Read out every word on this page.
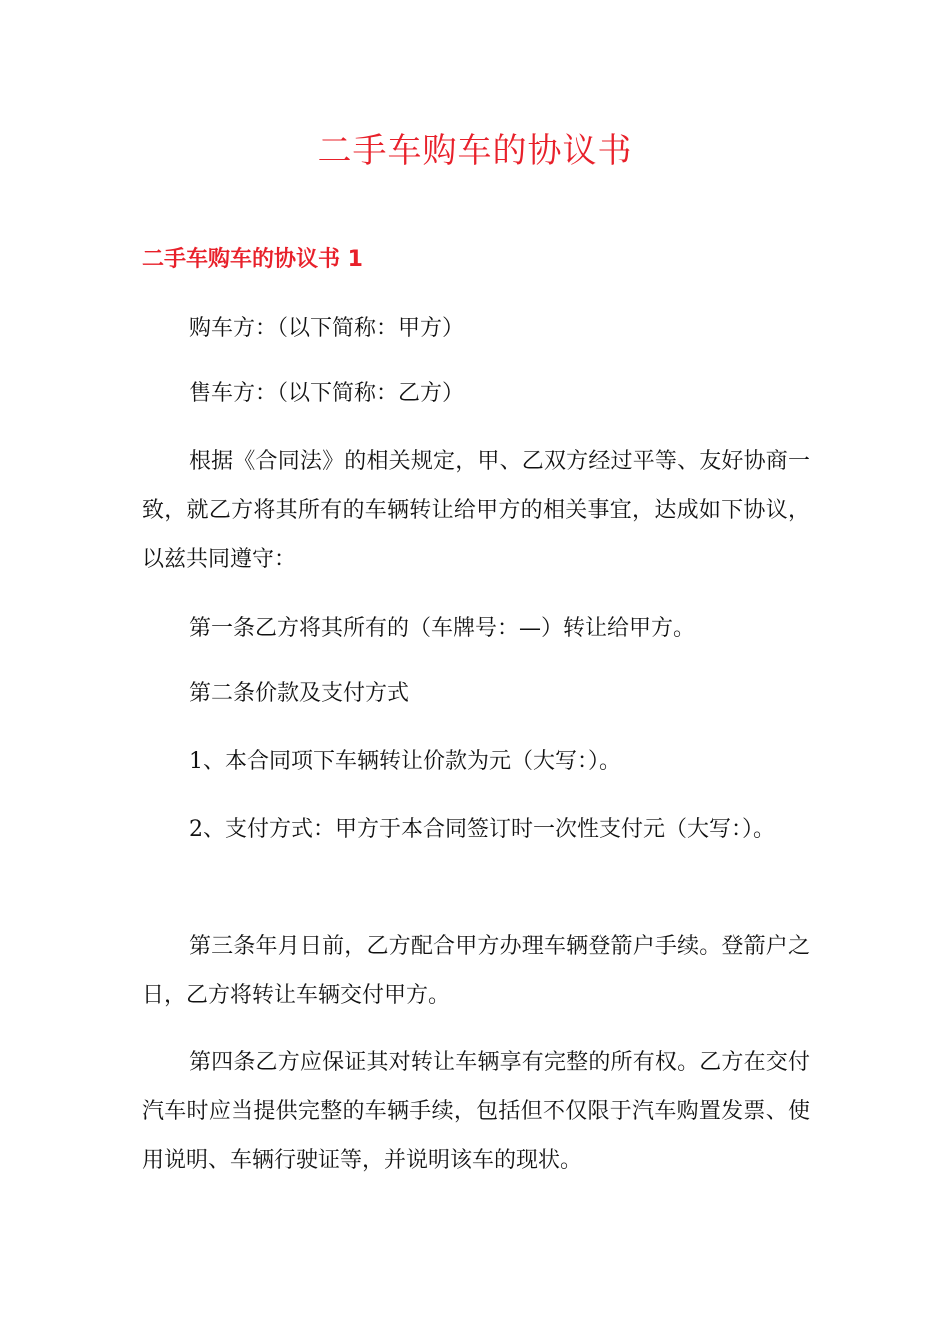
二手车购车的协议书
二手车购车的协议书 1

购车方：（以下简称：甲方）

售车方：（以下简称：乙方）

根据《合同法》的相关规定，甲、乙双方经过平等、友好协商一致，就乙方将其所有的车辆转让给甲方的相关事宜，达成如下协议，以兹共同遵守：

第一条乙方将其所有的（车牌号：—）转让给甲方。

第二条价款及支付方式

1、本合同项下车辆转让价款为元（大写：）。

2、支付方式：甲方于本合同签订时一次性支付元（大写：）。

第三条年月日前，乙方配合甲方办理车辆登箭户手续。登箭户之日，乙方将转让车辆交付甲方。

第四条乙方应保证其对转让车辆享有完整的所有权。乙方在交付汽车时应当提供完整的车辆手续，包括但不仅限于汽车购置发票、使用说明、车辆行驶证等，并说明该车的现状。
